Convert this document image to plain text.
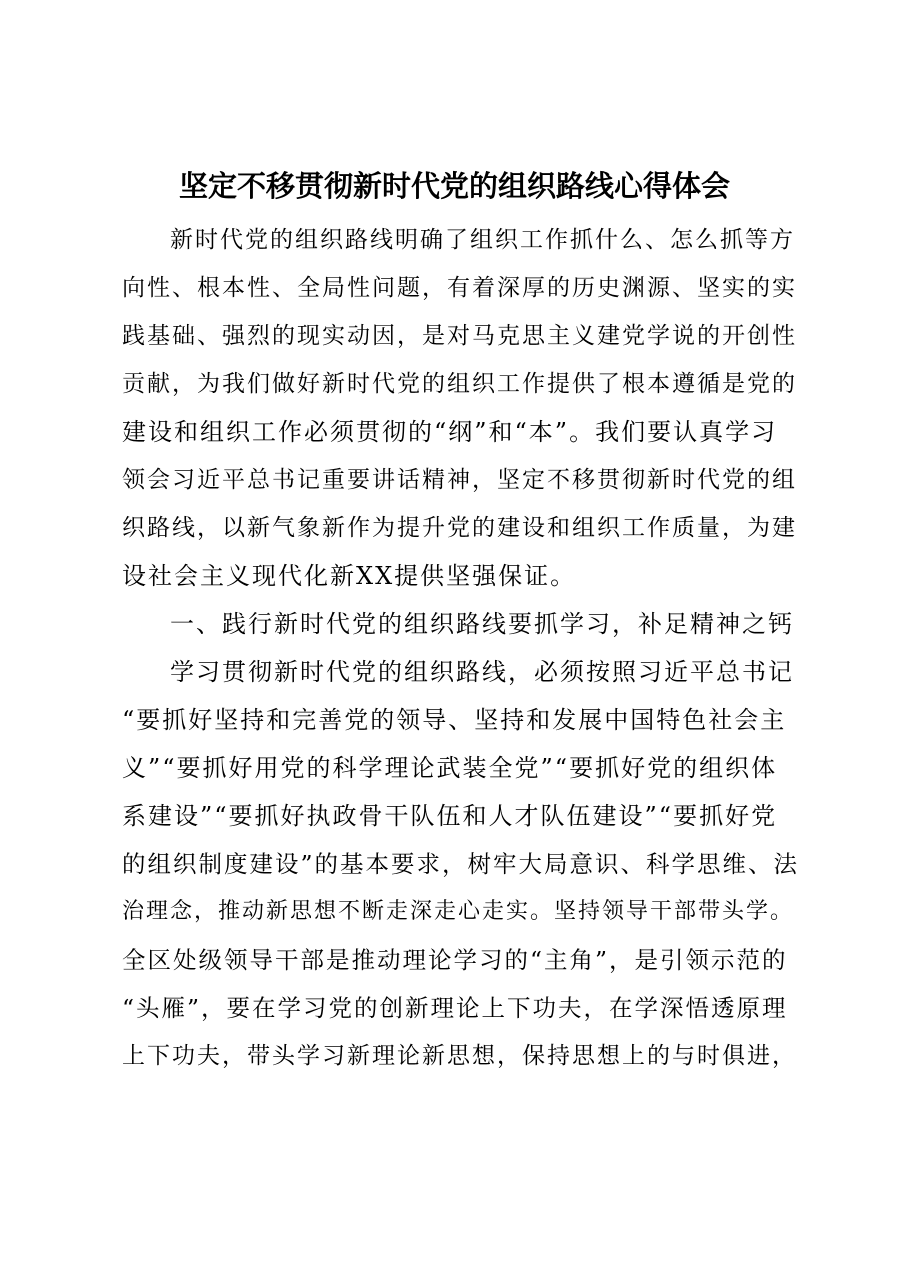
坚定不移贯彻新时代党的组织路线心得体会
新时代党的组织路线明确了组织工作抓什么、怎么抓等方
向性、根本性、全局性问题，有着深厚的历史渊源、坚实的实
践基础、强烈的现实动因，是对马克思主义建党学说的开创性
贡献，为我们做好新时代党的组织工作提供了根本遵循是党的
建设和组织工作必须贯彻的“纲”和“本”。我们要认真学习
领会习近平总书记重要讲话精神，坚定不移贯彻新时代党的组
织路线，以新气象新作为提升党的建设和组织工作质量，为建
设社会主义现代化新XX提供坚强保证。
一、践行新时代党的组织路线要抓学习，补足精神之钙
学习贯彻新时代党的组织路线，必须按照习近平总书记
“要抓好坚持和完善党的领导、坚持和发展中国特色社会主
义”“要抓好用党的科学理论武装全党”“要抓好党的组织体
系建设”“要抓好执政骨干队伍和人才队伍建设”“要抓好党
的组织制度建设”的基本要求，树牢大局意识、科学思维、法
治理念，推动新思想不断走深走心走实。坚持领导干部带头学。
全区处级领导干部是推动理论学习的“主角”，是引领示范的
“头雁”，要在学习党的创新理论上下功夫，在学深悟透原理
上下功夫，带头学习新理论新思想，保持思想上的与时俱进，
